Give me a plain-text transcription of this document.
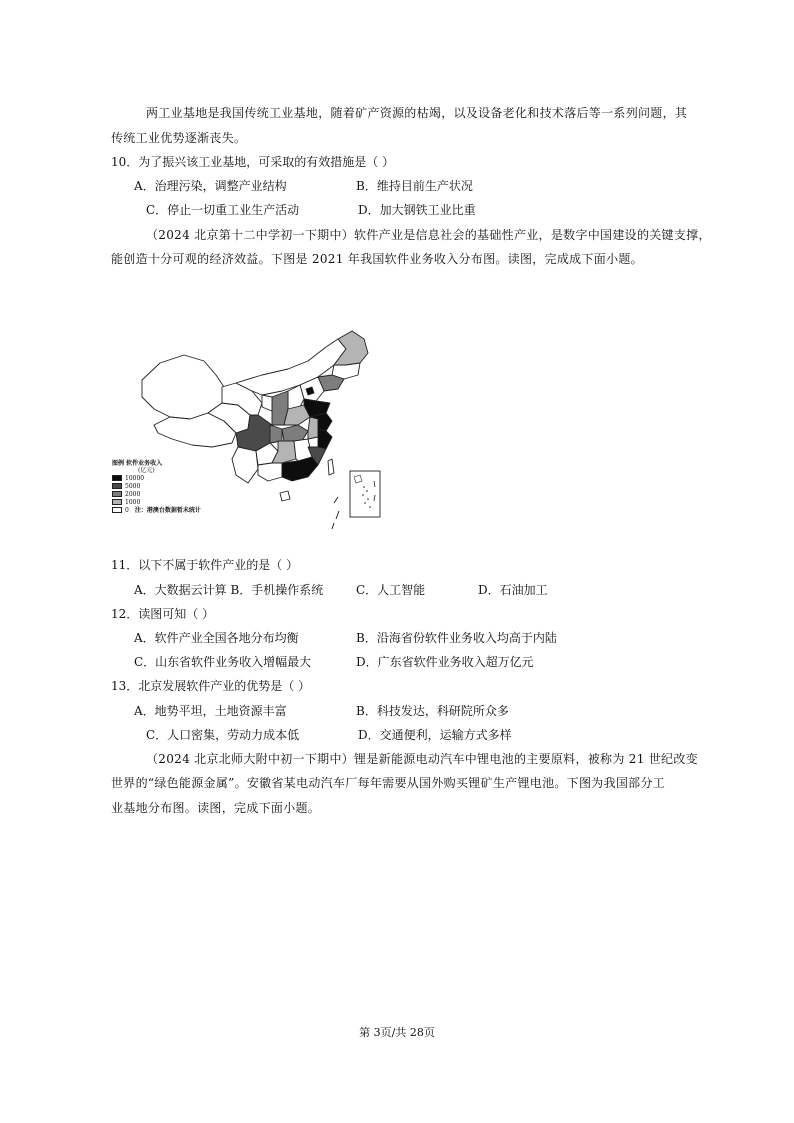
两工业基地是我国传统工业基地，随着矿产资源的枯竭，以及设备老化和技术落后等一系列问题，其
传统工业优势逐渐丧失。
10．为了振兴该工业基地，可采取的有效措施是（ ）
A．治理污染，调整产业结构	B．维持目前生产状况
C．停止一切重工业生产活动	D．加大钢铁工业比重
（2024 北京第十二中学初一下期中）软件产业是信息社会的基础性产业，是数字中国建设的关键支撑，
能创造十分可观的经济效益。下图是 2021 年我国软件业务收入分布图。读图，完成成下面小题。
图例 软件业务收入
(亿元)
10000
5000
2000
1000
0 注：港澳台数据暂未统计
11．以下不属于软件产业的是（ ）
A．大数据云计算 B．手机操作系统	C．人工智能	D．石油加工
12．读图可知（ ）
A．软件产业全国各地分布均衡	B．沿海省份软件业务收入均高于内陆
C．山东省软件业务收入增幅最大	D．广东省软件业务收入超万亿元
13．北京发展软件产业的优势是（ ）
A．地势平坦，土地资源丰富	B．科技发达，科研院所众多
C．人口密集，劳动力成本低	D．交通便利，运输方式多样
（2024 北京北师大附中初一下期中）锂是新能源电动汽车中锂电池的主要原料，被称为 21 世纪改变
世界的“绿色能源金属”。安徽省某电动汽车厂每年需要从国外购买锂矿生产锂电池。下图为我国部分工
业基地分布图。读图，完成下面小题。
第 3页/共 28页
